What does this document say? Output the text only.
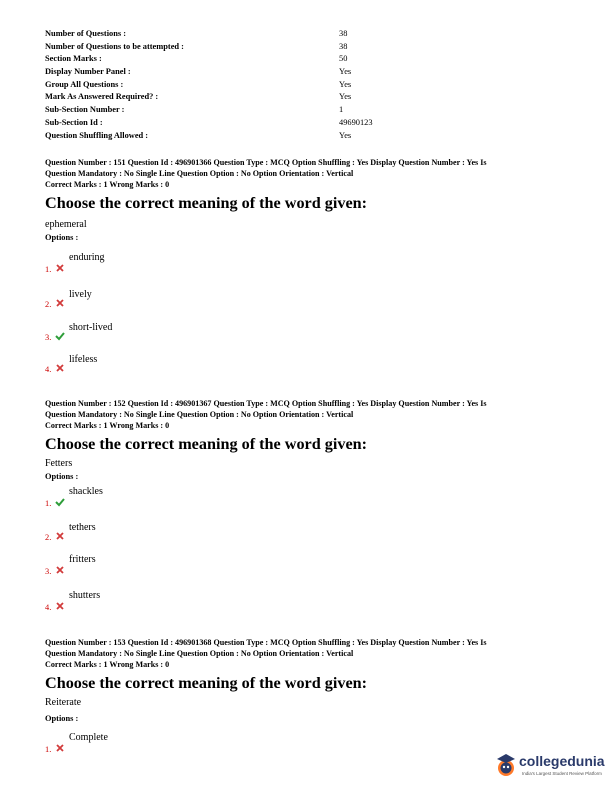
Number of Questions :	38
Number of Questions to be attempted :	38
Section Marks :	50
Display Number Panel :	Yes
Group All Questions :	Yes
Mark As Answered Required? :	Yes
Sub-Section Number :	1
Sub-Section Id :	49690123
Question Shuffling Allowed :	Yes
Question Number : 151 Question Id : 496901366 Question Type : MCQ Option Shuffling : Yes Display Question Number : Yes Is
Question Mandatory : No Single Line Question Option : No Option Orientation : Vertical
Correct Marks : 1 Wrong Marks : 0
Choose the correct meaning of the word given:
ephemeral
Options :
1.
enduring
2.
lively
3.
short-lived
4.
lifeless
Question Number : 152 Question Id : 496901367 Question Type : MCQ Option Shuffling : Yes Display Question Number : Yes Is
Question Mandatory : No Single Line Question Option : No Option Orientation : Vertical
Correct Marks : 1 Wrong Marks : 0
Choose the correct meaning of the word given:
Fetters
Options :
1.
shackles
2.
tethers
3.
fritters
4.
shutters
Question Number : 153 Question Id : 496901368 Question Type : MCQ Option Shuffling : Yes Display Question Number : Yes Is
Question Mandatory : No Single Line Question Option : No Option Orientation : Vertical
Correct Marks : 1 Wrong Marks : 0
Choose the correct meaning of the word given:
Reiterate
Options :
1.
Complete
collegedunia
India's Largest Student Review Platform
